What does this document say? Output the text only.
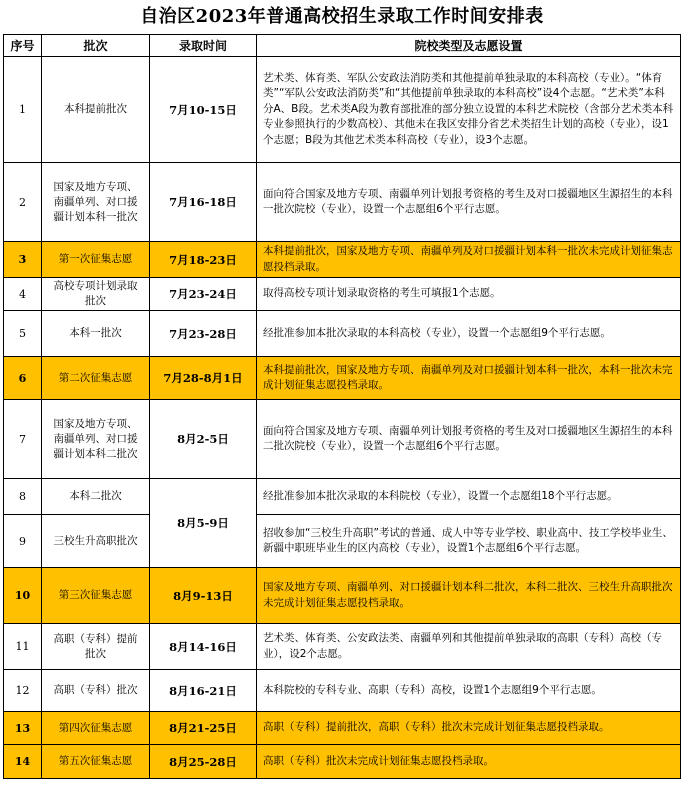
自治区2023年普通高校招生录取工作时间安排表
序号	批次	录取时间	院校类型及志愿设置
1	本科提前批次	7月10-15日	艺术类、体育类、军队公安政法消防类和其他提前单独录取的本科高校（专业）。“体育类”“军队公安政法消防类”和“其他提前单独录取的本科高校”设4个志愿。“艺术类”本科分A、B段。艺术类A段为教育部批准的部分独立设置的本科艺术院校（含部分艺术类本科专业参照执行的少数高校）、其他未在我区安排分省艺术类招生计划的高校（专业），设1个志愿；B段为其他艺术类本科高校（专业），设3个志愿。
2	国家及地方专项、南疆单列、对口援疆计划本科一批次	7月16-18日	面向符合国家及地方专项、南疆单列计划报考资格的考生及对口援疆地区生源招生的本科一批次院校（专业），设置一个志愿组6个平行志愿。
3	第一次征集志愿	7月18-23日	本科提前批次，国家及地方专项、南疆单列及对口援疆计划本科一批次未完成计划征集志愿投档录取。
4	高校专项计划录取批次	7月23-24日	取得高校专项计划录取资格的考生可填报1个志愿。
5	本科一批次	7月23-28日	经批准参加本批次录取的本科高校（专业），设置一个志愿组9个平行志愿。
6	第二次征集志愿	7月28-8月1日	本科提前批次，国家及地方专项、南疆单列及对口援疆计划本科一批次，本科一批次未完成计划征集志愿投档录取。
7	国家及地方专项、南疆单列、对口援疆计划本科二批次	8月2-5日	面向符合国家及地方专项、南疆单列计划报考资格的考生及对口援疆地区生源招生的本科二批次院校（专业），设置一个志愿组6个平行志愿。
8	本科二批次	8月5-9日	经批准参加本批次录取的本科院校（专业），设置一个志愿组18个平行志愿。
9	三校生升高职批次		招收参加“三校生升高职”考试的普通、成人中等专业学校、职业高中、技工学校毕业生、新疆中职班毕业生的区内高校（专业），设置1个志愿组6个平行志愿。
10	第三次征集志愿	8月9-13日	国家及地方专项、南疆单列、对口援疆计划本科二批次，本科二批次、三校生升高职批次未完成计划征集志愿投档录取。
11	高职（专科）提前批次	8月14-16日	艺术类、体育类、公安政法类、南疆单列和其他提前单独录取的高职（专科）高校（专业），设2个志愿。
12	高职（专科）批次	8月16-21日	本科院校的专科专业、高职（专科）高校，设置1个志愿组9个平行志愿。
13	第四次征集志愿	8月21-25日	高职（专科）提前批次，高职（专科）批次未完成计划征集志愿投档录取。
14	第五次征集志愿	8月25-28日	高职（专科）批次未完成计划征集志愿投档录取。
